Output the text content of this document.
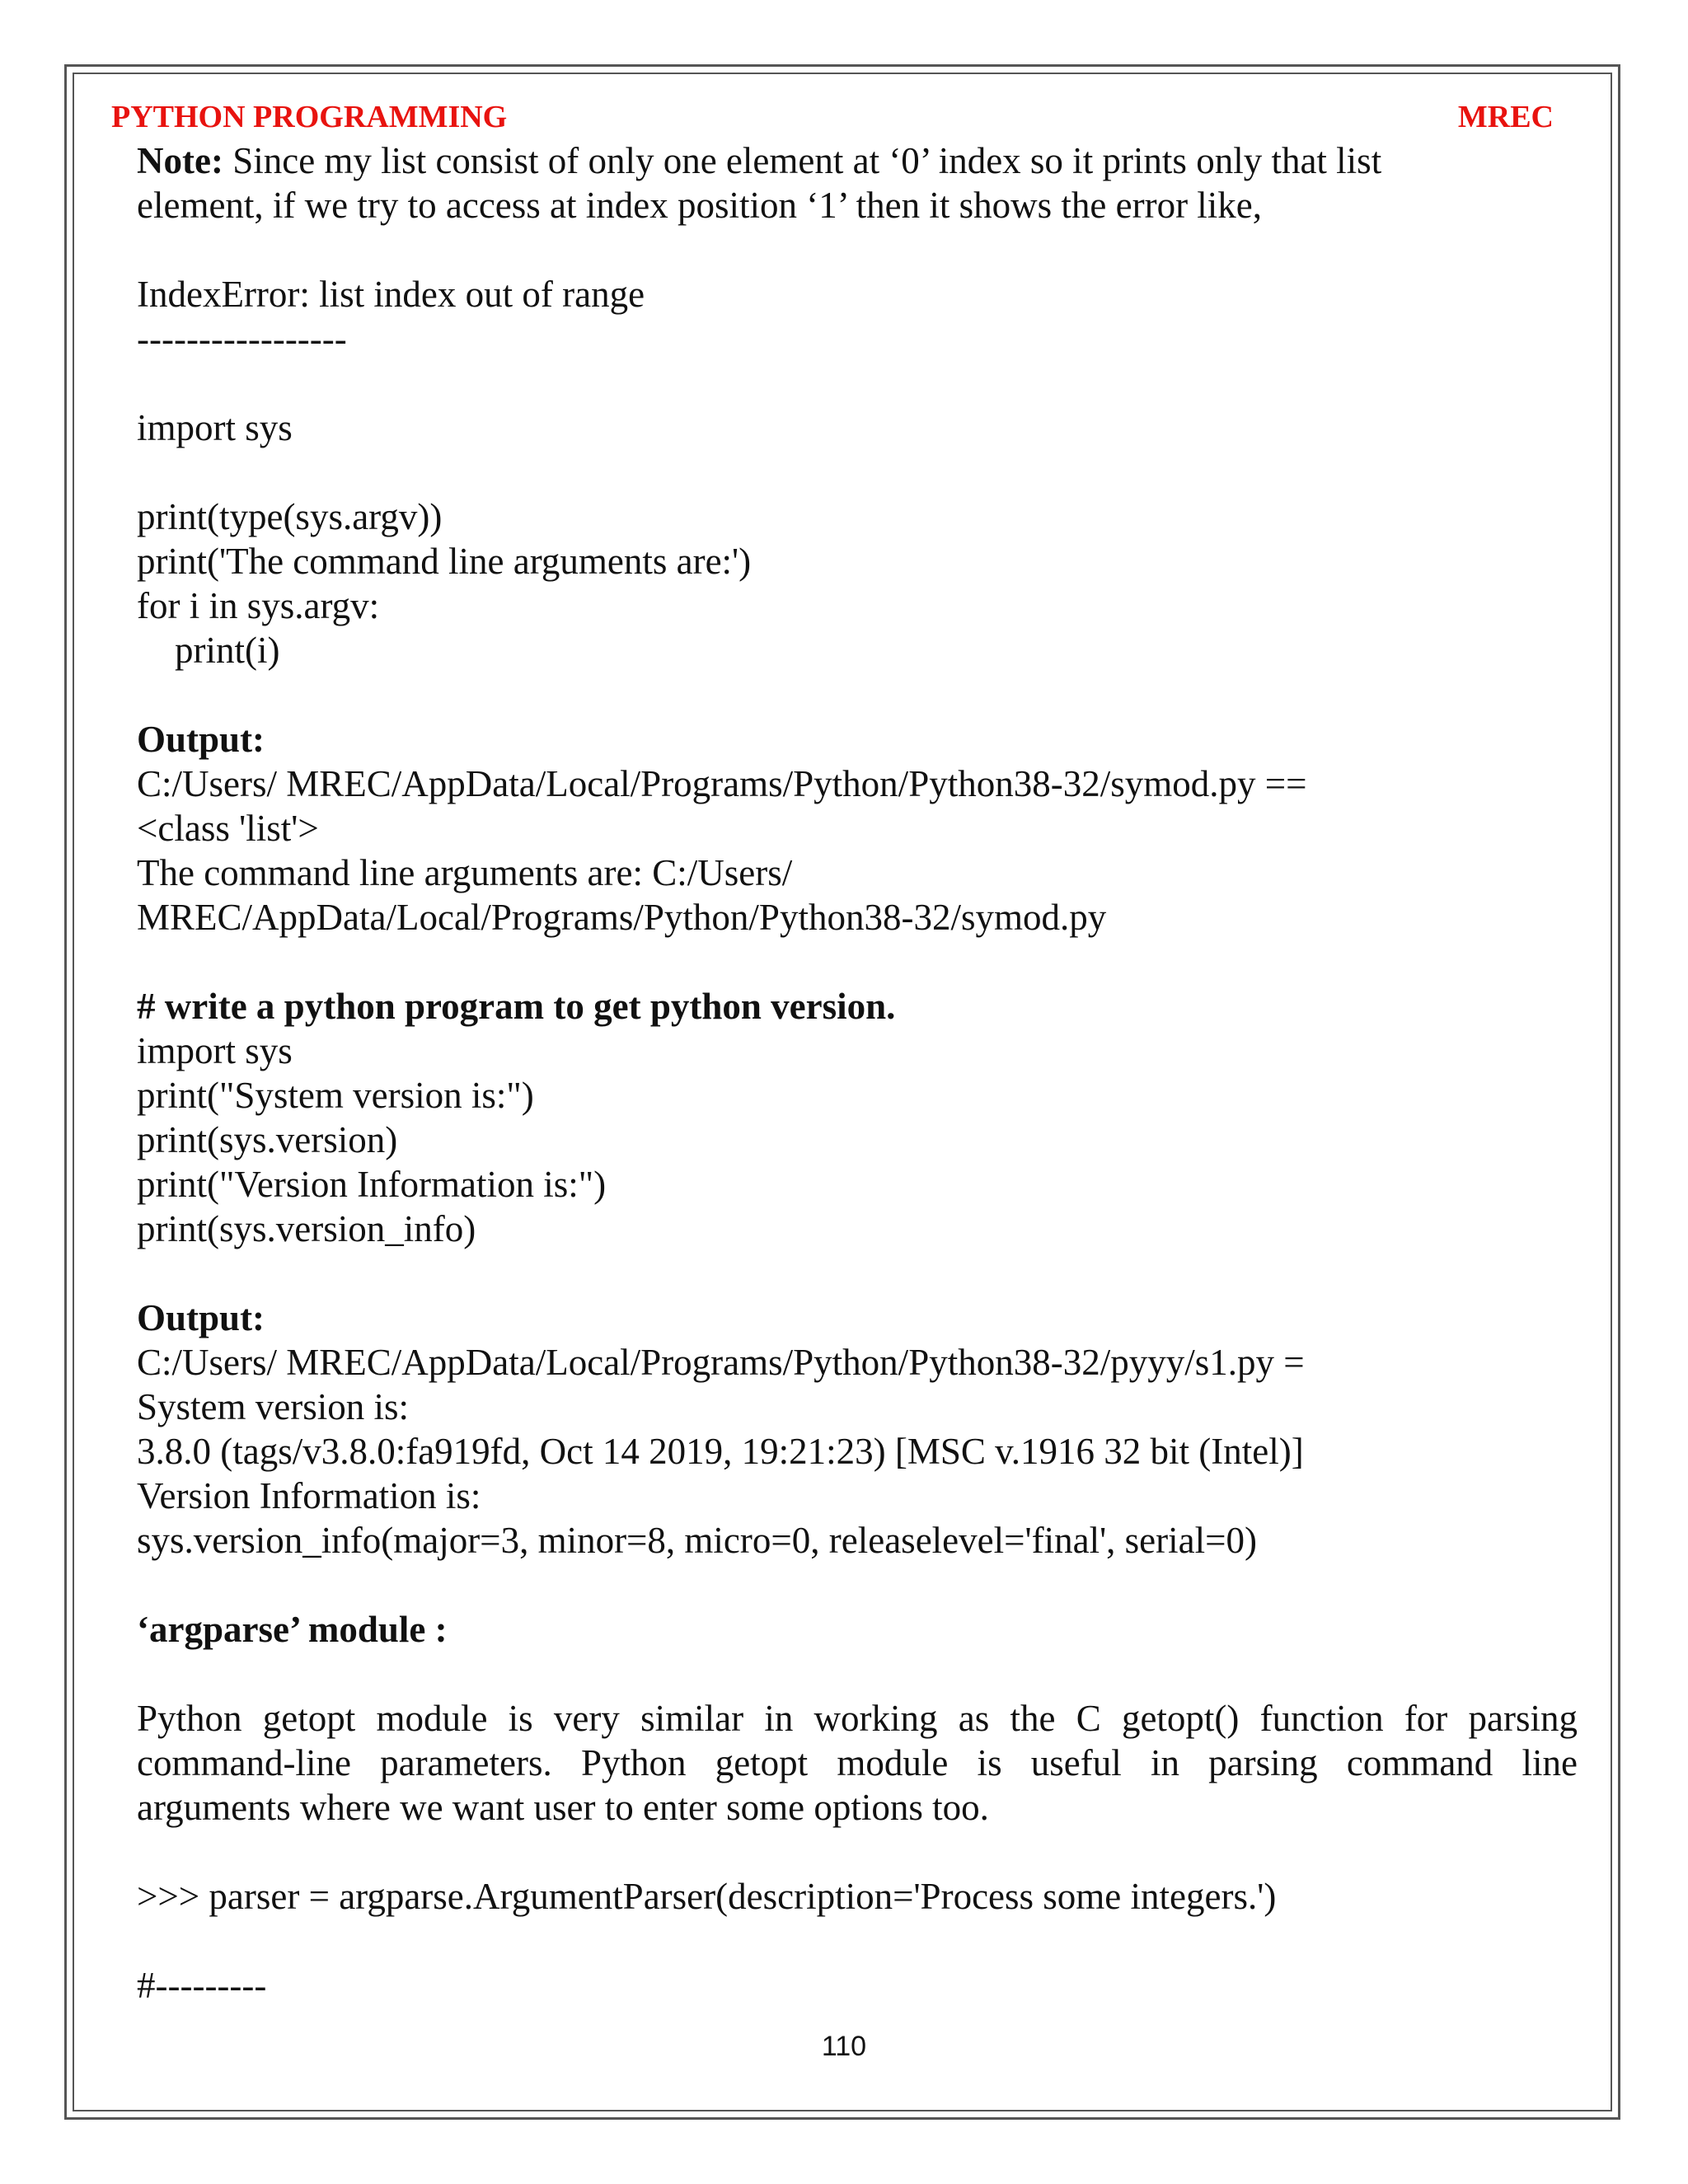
PYTHON PROGRAMMING	MREC
Note: Since my list consist of only one element at ‘0’ index so it prints only that list
element, if we try to access at index position ‘1’ then it shows the error like,
IndexError: list index out of range
-----------------
import sys
print(type(sys.argv))
print('The command line arguments are:')
for i in sys.argv:
print(i)
Output:
C:/Users/ MREC/AppData/Local/Programs/Python/Python38-32/symod.py ==
<class 'list'>
The command line arguments are: C:/Users/
MREC/AppData/Local/Programs/Python/Python38-32/symod.py
# write a python program to get python version.
import sys
print("System version is:")
print(sys.version)
print("Version Information is:")
print(sys.version_info)
Output:
C:/Users/ MREC/AppData/Local/Programs/Python/Python38-32/pyyy/s1.py =
System version is:
3.8.0 (tags/v3.8.0:fa919fd, Oct 14 2019, 19:21:23) [MSC v.1916 32 bit (Intel)]
Version Information is:
sys.version_info(major=3, minor=8, micro=0, releaselevel='final', serial=0)
‘argparse’ module :
Python getopt module is very similar in working as the C getopt() function for parsing
command-line parameters. Python getopt module is useful in parsing command line
arguments where we want user to enter some options too.
>>> parser = argparse.ArgumentParser(description='Process some integers.')
#---------
110
